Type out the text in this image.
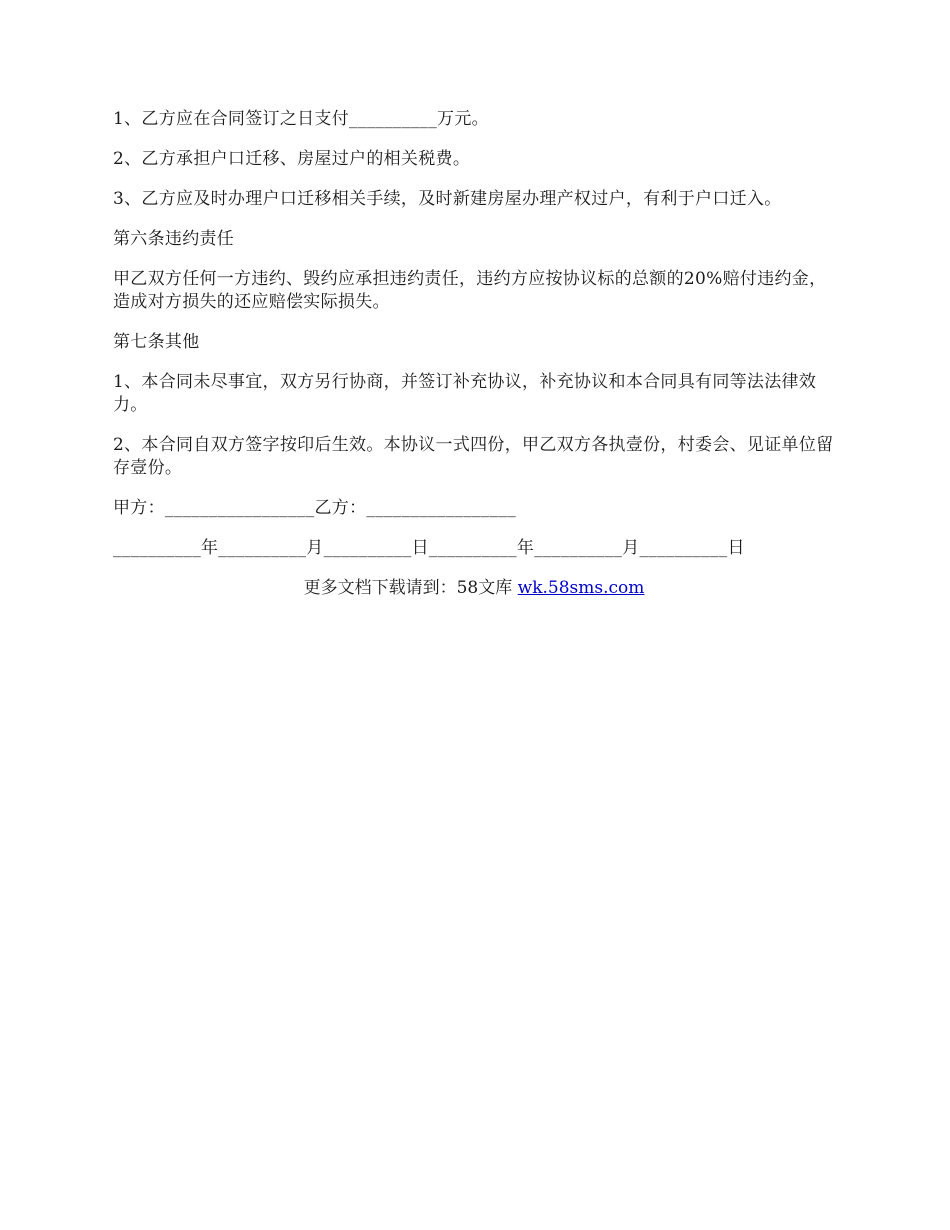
1、乙方应在合同签订之日支付__________万元。

2、乙方承担户口迁移、房屋过户的相关税费。

3、乙方应及时办理户口迁移相关手续，及时新建房屋办理产权过户，有利于户口迁入。

第六条违约责任

甲乙双方任何一方违约、毁约应承担违约责任，违约方应按协议标的总额的20%赔付违约金，造成对方损失的还应赔偿实际损失。

第七条其他

1、本合同未尽事宜，双方另行协商，并签订补充协议，补充协议和本合同具有同等法法律效力。

2、本合同自双方签字按印后生效。本协议一式四份，甲乙双方各执壹份，村委会、见证单位留存壹份。

甲方：_________________乙方：_________________

__________年__________月__________日__________年__________月__________日

更多文档下载请到：58文库 wk.58sms.com
